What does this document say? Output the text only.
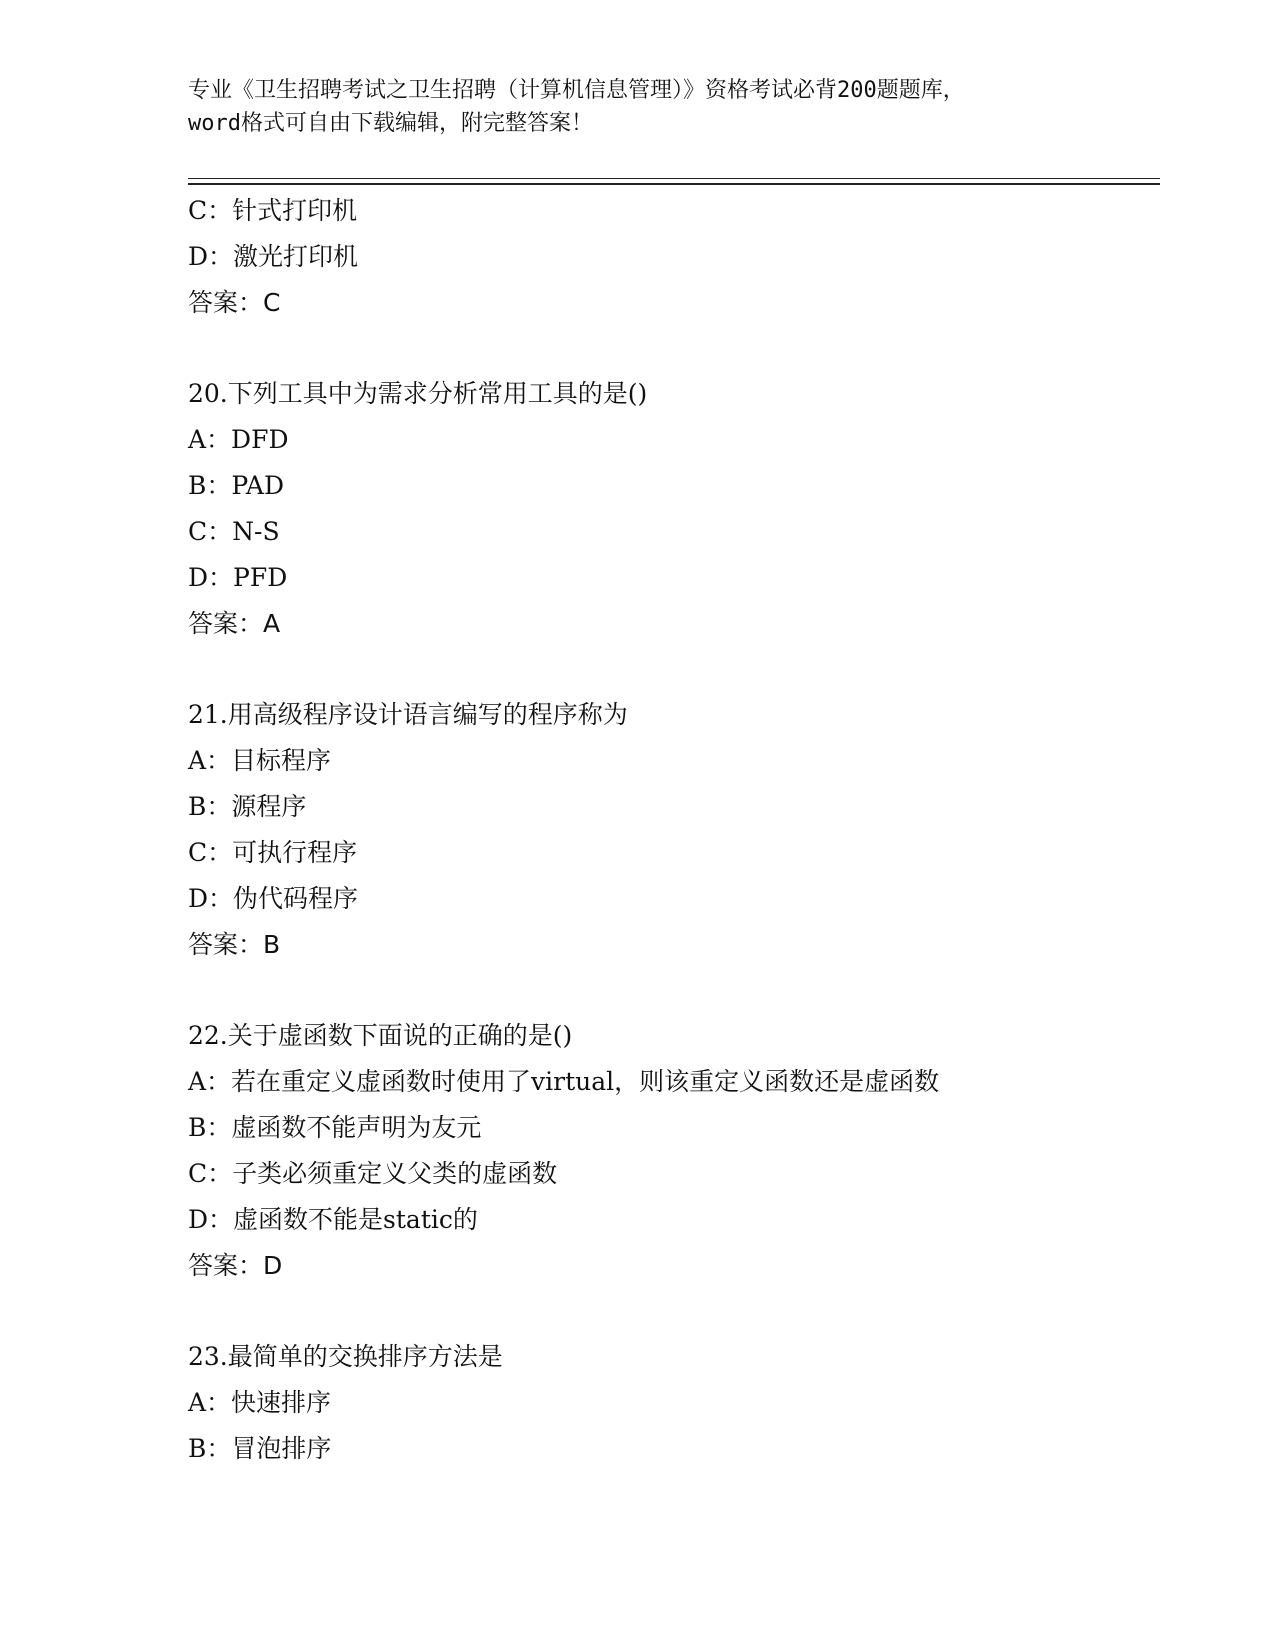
专业《卫生招聘考试之卫生招聘（计算机信息管理）》资格考试必背200题题库，
word格式可自由下载编辑，附完整答案！
C：针式打印机
D：激光打印机
答案：C
20.下列工具中为需求分析常用工具的是()
A：DFD
B：PAD
C：N-S
D：PFD
答案：A
21.用高级程序设计语言编写的程序称为
A：目标程序
B：源程序
C：可执行程序
D：伪代码程序
答案：B
22.关于虚函数下面说的正确的是()
A：若在重定义虚函数时使用了virtual，则该重定义函数还是虚函数
B：虚函数不能声明为友元
C：子类必须重定义父类的虚函数
D：虚函数不能是static的
答案：D
23.最简单的交换排序方法是
A：快速排序
B：冒泡排序
